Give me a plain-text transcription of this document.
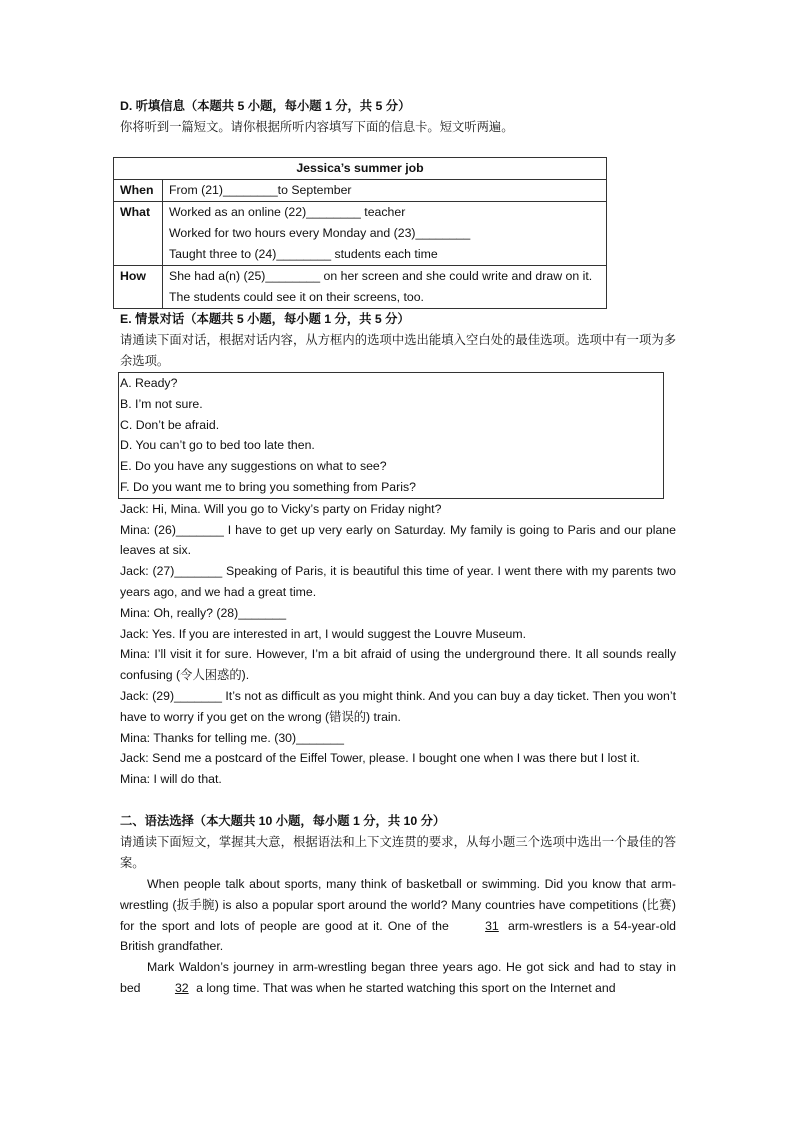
D. 听填信息（本题共 5 小题，每小题 1 分，共 5 分）
你将听到一篇短文。请你根据所听内容填写下面的信息卡。短文听两遍。
Jessica’s summer job	
When	From (21)________to September

What	Worked as an online (22)________ teacher
Worked for two hours every Monday and (23)________
Taught three to (24)________ students each time

How	She had a(n) (25)________ on her screen and she could write and draw on it.
The students could see it on their screens, too.
E. 情景对话（本题共 5 小题，每小题 1 分，共 5 分）
请通读下面对话，根据对话内容，从方框内的选项中选出能填入空白处的最佳选项。选项中有一项为多余选项。
A. Ready?
B. I’m not sure.
C. Don’t be afraid.
D. You can’t go to bed too late then.
E. Do you have any suggestions on what to see?
F. Do you want me to bring you something from Paris?
Jack: Hi, Mina. Will you go to Vicky’s party on Friday night?
Mina: (26)_______ I have to get up very early on Saturday. My family is going to Paris and our plane leaves at six.
Jack: (27)_______ Speaking of Paris, it is beautiful this time of year. I went there with my parents two years ago, and we had a great time.
Mina: Oh, really? (28)_______
Jack: Yes. If you are interested in art, I would suggest the Louvre Museum.
Mina: I’ll visit it for sure. However, I’m a bit afraid of using the underground there. It all sounds really confusing (令人困惑的).
Jack: (29)_______ It’s not as difficult as you might think. And you can buy a day ticket. Then you won’t have to worry if you get on the wrong (错误的) train.
Mina: Thanks for telling me. (30)_______
Jack: Send me a postcard of the Eiffel Tower, please. I bought one when I was there but I lost it.
Mina: I will do that.
二、语法选择（本大题共 10 小题，每小题 1 分，共 10 分）
请通读下面短文，掌握其大意，根据语法和上下文连贯的要求，从每小题三个选项中选出一个最佳的答案。
When people talk about sports, many think of basketball or swimming. Did you know that arm-wrestling (扳手腕) is also a popular sport around the world? Many countries have competitions (比赛) for the sport and lots of people are good at it. One of the	31 arm-wrestlers is a 54-year-old British grandfather.
Mark Waldon’s journey in arm-wrestling began three years ago. He got sick and had to stay in bed	32 a long time. That was when he started watching this sport on the Internet and
